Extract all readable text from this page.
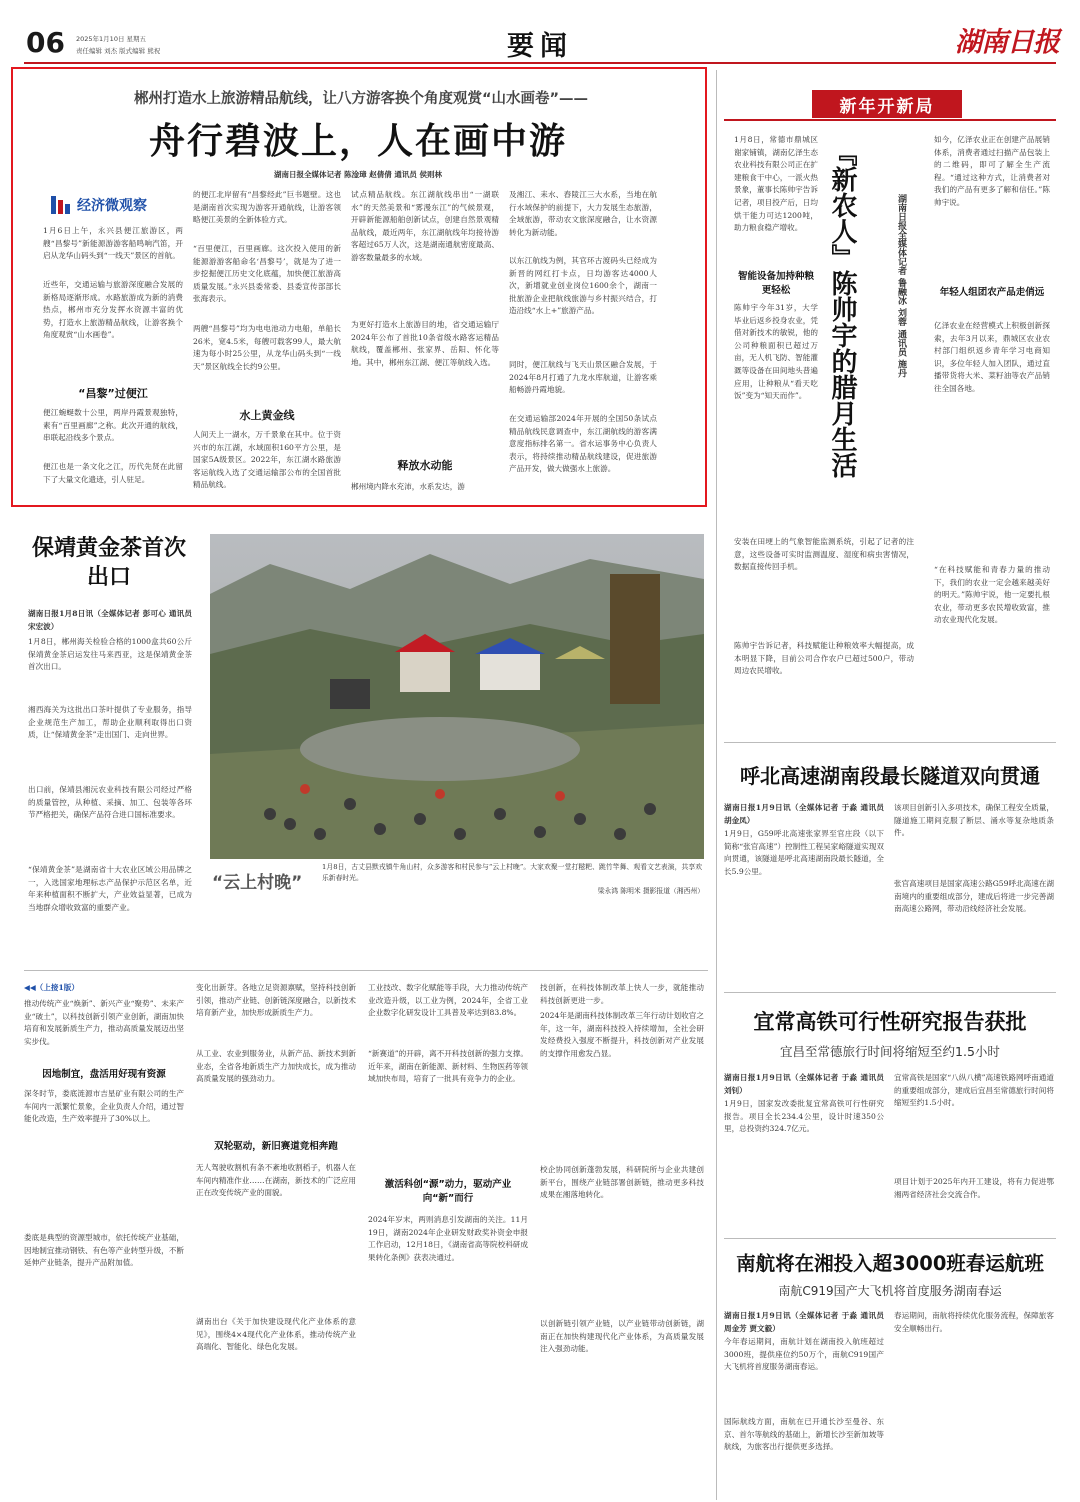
06	2025年1月10日 星期五
责任编辑 刘杰 版式编辑 熊祝	要闻	湖南日报
郴州打造水上旅游精品航线，让八方游客换个角度观赏“山水画卷”——
舟行碧波上，人在画中游
湖南日报全媒体记者 陈淦璋 赵倩倩 通讯员 侯则林
经济微观察
1月6日上午，永兴县便江旅游区，两艘“昌黎号”新能源游游客船鸣响汽笛，开启从龙华山码头到“一线天”景区的首航。
近些年，交通运输与旅游深度融合发展的新格局逐渐形成。水路旅游成为新的消费热点，郴州市充分发挥水资源丰富的优势，打造水上旅游精品航线，让游客换个角度观赏“山水画卷”。
“昌黎”过便江
便江蜿蜒数十公里，两岸丹霞景观独特，素有“百里画廊”之称。此次开通的航线，串联起沿线多个景点。
便江也是一条文化之江，历代先贤在此留下了大量文化遗迹，引人驻足。
的便江北岸留有“昌黎经此”巨书题壁。这也是湖南首次实现为游客开通航线，让游客领略便江美景的全新体验方式。
“百里便江，百里画廊。这次投入使用的新能源游游客船命名‘昌黎号’，就是为了进一步挖掘便江历史文化底蕴，加快便江旅游高质量发展。”永兴县委常委、县委宣传部部长张海表示。
两艘“昌黎号”均为电电池动力电船，单船长26米，宽4.5米，每艘可载客99人，最大航速为每小时25公里，从龙华山码头到“一线天”景区航线全长约9公里。
水上黄金线
人间天上一湖水，万千景象在其中。位于资兴市的东江湖，水域面积160平方公里，是国家5A级景区。2022年，东江湖水路旅游客运航线入选了交通运输部公布的全国首批精品航线。
试点精品航线。东江湖航线串出“一湖联水”的天然美景和“雾漫东江”的气候景观，开辟新能源船舶创新试点，创建自然景观精品航线，最近两年，东江湖航线年均接待游客超过65万人次，这是湖南通航密度最高、游客数量最多的水域。
为更好打造水上旅游目的地，省交通运输厅2024年公布了首批10条省级水路客运精品航线，覆盖郴州、张家界、岳阳、怀化等地。其中，郴州东江湖、便江等航线入选。
释放水动能
郴州境内降水充沛，水系发达，游
及湘江、耒水、舂陵江三大水系，当地在航行水域保护的前提下，大力发展生态旅游，全域旅游，带动农文旅深度融合，让水资源转化为新动能。
以东江航线为例，其官环古渡码头已经成为新晋的网红打卡点，日均游客达4000人次，新增就业创业岗位1600余个，湖南一批旅游企业把航线旅游与乡村振兴结合，打造沿线“水上+”旅游产品。
同时，便江航线与飞天山景区融合发展，于2024年8月打通了九龙水库航道，让游客乘船畅游丹霞地貌。
在交通运输部2024年开展的全国50条试点精品航线民意调查中，东江湖航线的游客满意度指标排名第一。省水运事务中心负责人表示，将持续推动精品航线建设，促进旅游产品开发，做大做强水上旅游。
新年开新局
1月8日，常德市鼎城区谢家铺镇，湖南亿泽生态农业科技有限公司正在扩建粮食干中心，一派火热景象，董事长陈帅宇告诉记者，项目投产后，日均烘干能力可达1200吨，助力粮食稳产增收。
智能设备加持种粮更轻松
陈帅宇今年31岁，大学毕业后返乡投身农业，凭借对新技术的敏锐，他的公司种粮面积已超过万亩，无人机飞防、智能灌溉等设备在田间地头普遍应用，让种粮从“看天吃饭”变为“知天而作”。 『新农人』陈帅宇的腊月生活	湖南日报全媒体记者 鲁融冰 刘蓉 通讯员 施丹
安装在田埂上的气象智能监测系统，引起了记者的注意，这些设备可实时监测温度、湿度和病虫害情况，数据直接传回手机。
陈帅宇告诉记者，科技赋能让种粮效率大幅提高，成本明显下降，目前公司合作农户已超过500户，带动周边农民增收。
如今，亿泽农业正在创建产品展销体系，消费者通过扫描产品包装上的二维码，即可了解全生产流程。“通过这种方式，让消费者对我们的产品有更多了解和信任。”陈帅宇说。
年轻人组团农产品走俏远
亿泽农业在经营模式上积极创新探索，去年3月以来，鼎城区农业农村部门组织返乡青年学习电商知识，多位年轻人加入团队，通过直播带货将大米、菜籽油等农产品销往全国各地。
“在科技赋能和青春力量的推动下，我们的农业一定会越来越美好的明天。”陈帅宇说，他一定要扎根农业，带动更多农民增收致富，推动农业现代化发展。
保靖黄金茶首次出口
湖南日报1月8日讯（全媒体记者 彭可心 通讯员 宋宏波）
1月8日，郴州海关检验合格的1000盒共60公斤保靖黄金茶启运发往马来西亚，这是保靖黄金茶首次出口。
湘西海关为这批出口茶叶提供了专业服务，指导企业规范生产加工，帮助企业顺利取得出口资质，让“保靖黄金茶”走出国门、走向世界。
出口前，保靖县湘沅农业科技有限公司经过严格的质量管控，从种植、采摘、加工、包装等各环节严格把关，确保产品符合进口国标准要求。
“保靖黄金茶”是湖南省十大农业区域公用品牌之一，入选国家地理标志产品保护示范区名单，近年来种植面积不断扩大，产业效益显著，已成为当地群众增收致富的重要产业。
“云上村晚”
1月8日，古丈县默戎镇牛角山村，众多游客和村民参与“云上村晚”。大家欢聚一堂打糍粑、跳竹竿舞、观看文艺表演，共享欢乐新春时光。
梁永鸿 陈明米 摄影报道（湘西州）
呼北高速湖南段最长隧道双向贯通
湖南日报1月9日讯（全媒体记者 于淼 通讯员 胡金凤）
1月9日，G59呼北高速张家界至官庄段（以下简称“张官高速”）控制性工程吴家峪隧道实现双向贯通，该隧道是呼北高速湖南段最长隧道，全长5.9公里。
该项目创新引入多项技术，确保工程安全质量，隧道施工期间克服了断层、涌水等复杂地质条件。
张官高速项目是国家高速公路G59呼北高速在湖南境内的重要组成部分，建成后将进一步完善湖南高速公路网，带动沿线经济社会发展。
宜常高铁可行性研究报告获批
宜昌至常德旅行时间将缩短至约1.5小时
湖南日报1月9日讯（全媒体记者 于淼 通讯员 刘钊）
1月9日，国家发改委批复宜常高铁可行性研究报告。项目全长234.4公里，设计时速350公里，总投资约324.7亿元。
宜常高铁是国家“八纵八横”高速铁路网呼南通道的重要组成部分，建成后宜昌至常德旅行时间将缩短至约1.5小时。
项目计划于2025年内开工建设，将有力促进鄂湘两省经济社会交流合作。
南航将在湘投入超3000班春运航班
南航C919国产大飞机将首度服务湖南春运
湖南日报1月9日讯（全媒体记者 于淼 通讯员 周金芳 贾文毅）
今年春运期间，南航计划在湖南投入航班超过3000班，提供座位约50万个，南航C919国产大飞机将首度服务湖南春运。
国际航线方面，南航在已开通长沙至曼谷、东京、首尔等航线的基础上，新增长沙至新加坡等航线，为旅客出行提供更多选择。
春运期间，南航将持续优化服务流程，保障旅客安全顺畅出行。
◀◀（上接1版）
推动传统产业“焕新”、新兴产业“聚势”、未来产业“破土”，以科技创新引领产业创新，湖南加快培育和发展新质生产力，推动高质量发展迈出坚实步伐。
因地制宜，盘活用好现有资源
深冬时节，娄底涟源市吉星矿业有限公司的生产车间内一派繁忙景象，企业负责人介绍，通过智能化改造，生产效率提升了30%以上。
娄底是典型的资源型城市，依托传统产业基础，因地制宜推动钢铁、有色等产业转型升级，不断延伸产业链条，提升产品附加值。
变化出新芽。各地立足资源禀赋，坚持科技创新引领，推动产业链、创新链深度融合，以新技术培育新产业，加快形成新质生产力。
从工业、农业到服务业，从新产品、新技术到新业态，全省各地新质生产力加快成长，成为推动高质量发展的强劲动力。
双轮驱动，新旧赛道竞相奔跑
无人驾驶收割机有条不紊地收割稻子，机器人在车间内精准作业……在湖南，新技术的广泛应用正在改变传统产业的面貌。
湖南出台《关于加快建设现代化产业体系的意见》，围绕4×4现代化产业体系，推动传统产业高端化、智能化、绿色化发展。
工业技改、数字化赋能等手段，大力推动传统产业改造升级，以工业为例，2024年，全省工业企业数字化研发设计工具普及率达到83.8%。
“新赛道”的开辟，离不开科技创新的强力支撑。近年来，湖南在新能源、新材料、生物医药等领域加快布局，培育了一批具有竞争力的企业。
激活科创“源”动力，驱动产业向“新”而行
2024年岁末，两则消息引发湖南的关注。11月19日，湖南2024年企业研发财政奖补资金申报工作启动，12月18日，《湖南省高等院校科研成果转化条例》获表决通过。
技创新，在科技体制改革上快人一步，就能推动科技创新更进一步。
2024年是湖南科技体制改革三年行动计划收官之年，这一年，湖南科技投入持续增加，全社会研发经费投入强度不断提升，科技创新对产业发展的支撑作用愈发凸显。
校企协同创新蓬勃发展，科研院所与企业共建创新平台，围绕产业链部署创新链，推动更多科技成果在湘落地转化。
以创新链引领产业链，以产业链带动创新链，湖南正在加快构建现代化产业体系，为高质量发展注入强劲动能。
